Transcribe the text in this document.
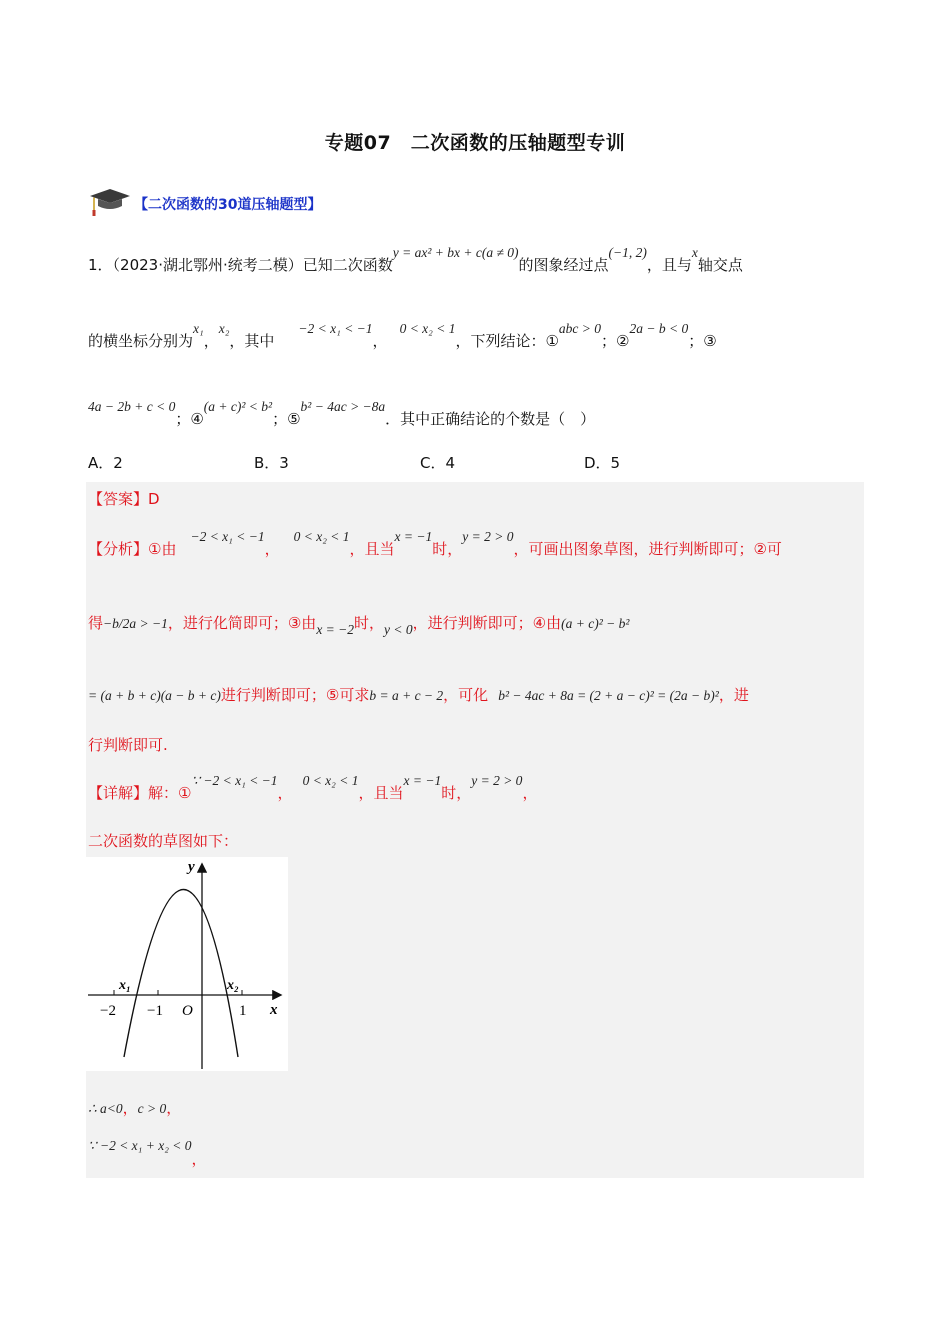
专题07　二次函数的压轴题型专训
【二次函数的30道压轴题型】
1．（2023·湖北鄂州·统考二模）已知二次函数y = ax² + bx + c(a ≠ 0)的图象经过点(−1, 2)，且与x轴交点
的横坐标分别为x₁，x₂，其中−2 < x₁ < −1，0 < x₂ < 1，下列结论：①abc > 0；②2a − b < 0；③
4a − 2b + c < 0；④(a + c)² < b²；⑤b² − 4ac > −8a．其中正确结论的个数是（　）
A．2	B．3	C．4	D．5
【答案】D
【分析】①由−2 < x₁ < −1，0 < x₂ < 1，且当x = −1时，y = 2 > 0，可画出图象草图，进行判断即可；②可
得−b/2a > −1，进行化简即可；③由x = −2时，y < 0，进行判断即可；④由(a + c)² − b²
= (a + b + c)(a − b + c)进行判断即可；⑤可求b = a + c − 2，可化 b² − 4ac + 8a = (2 + a − c)² = (2a − b)²，进
行判断即可.
【详解】解：①∵ −2 < x₁ < −1，0 < x₂ < 1，且当x = −1时，y = 2 > 0，
二次函数的草图如下：
y
x
O
x₁	x₂
−2 −1	1
∴ a<0，c > 0，
∵ −2 < x₁ + x₂ < 0，
